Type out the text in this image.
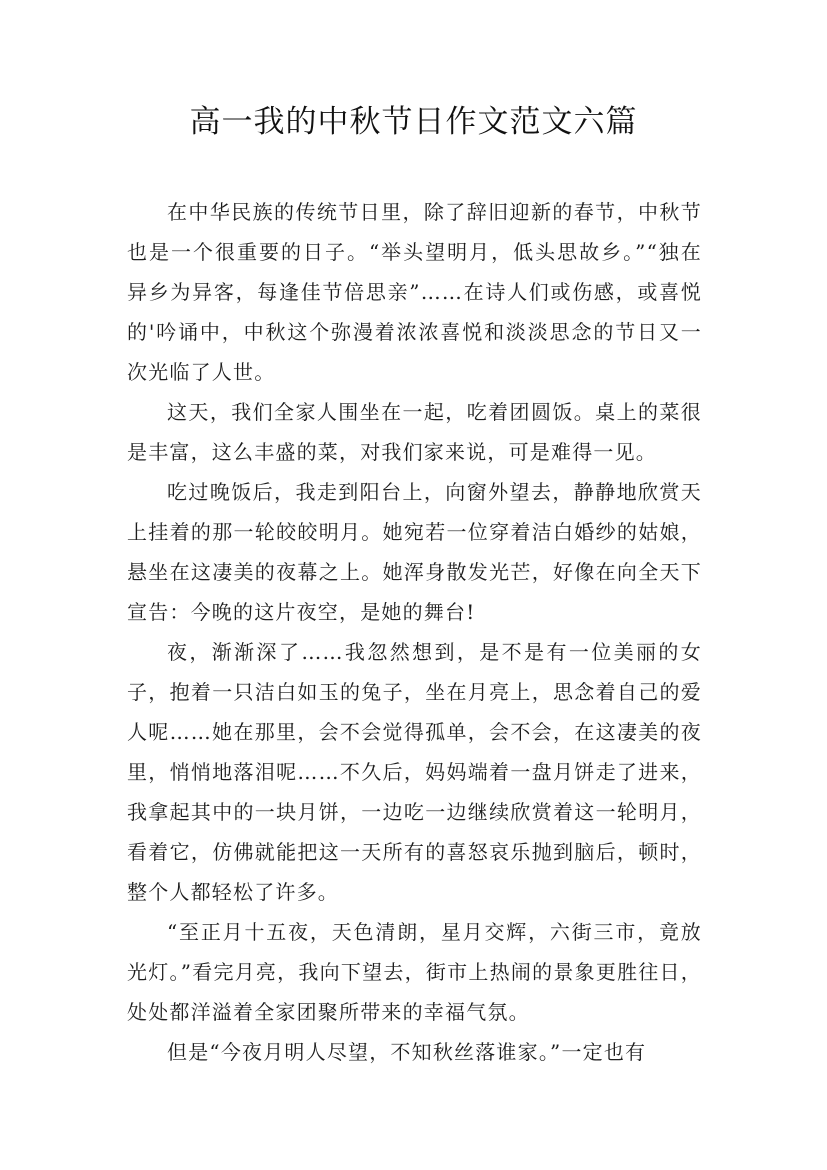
高一我的中秋节日作文范文六篇

在中华民族的传统节日里，除了辞旧迎新的春节，中秋节也是一个很重要的日子。“举头望明月，低头思故乡。”“独在异乡为异客，每逢佳节倍思亲”……在诗人们或伤感，或喜悦的'吟诵中，中秋这个弥漫着浓浓喜悦和淡淡思念的节日又一次光临了人世。

这天，我们全家人围坐在一起，吃着团圆饭。桌上的菜很是丰富，这么丰盛的菜，对我们家来说，可是难得一见。

吃过晚饭后，我走到阳台上，向窗外望去，静静地欣赏天上挂着的那一轮皎皎明月。她宛若一位穿着洁白婚纱的姑娘，悬坐在这凄美的夜幕之上。她浑身散发光芒，好像在向全天下宣告：今晚的这片夜空，是她的舞台!

夜，渐渐深了……我忽然想到，是不是有一位美丽的女子，抱着一只洁白如玉的兔子，坐在月亮上，思念着自己的爱人呢……她在那里，会不会觉得孤单，会不会，在这凄美的夜里，悄悄地落泪呢……不久后，妈妈端着一盘月饼走了进来，我拿起其中的一块月饼，一边吃一边继续欣赏着这一轮明月，看着它，仿佛就能把这一天所有的喜怒哀乐抛到脑后，顿时，整个人都轻松了许多。

“至正月十五夜，天色清朗，星月交辉，六街三市，竟放光灯。”看完月亮，我向下望去，街市上热闹的景象更胜往日，处处都洋溢着全家团聚所带来的幸福气氛。

但是“今夜月明人尽望，不知秋丝落谁家。”一定也有
